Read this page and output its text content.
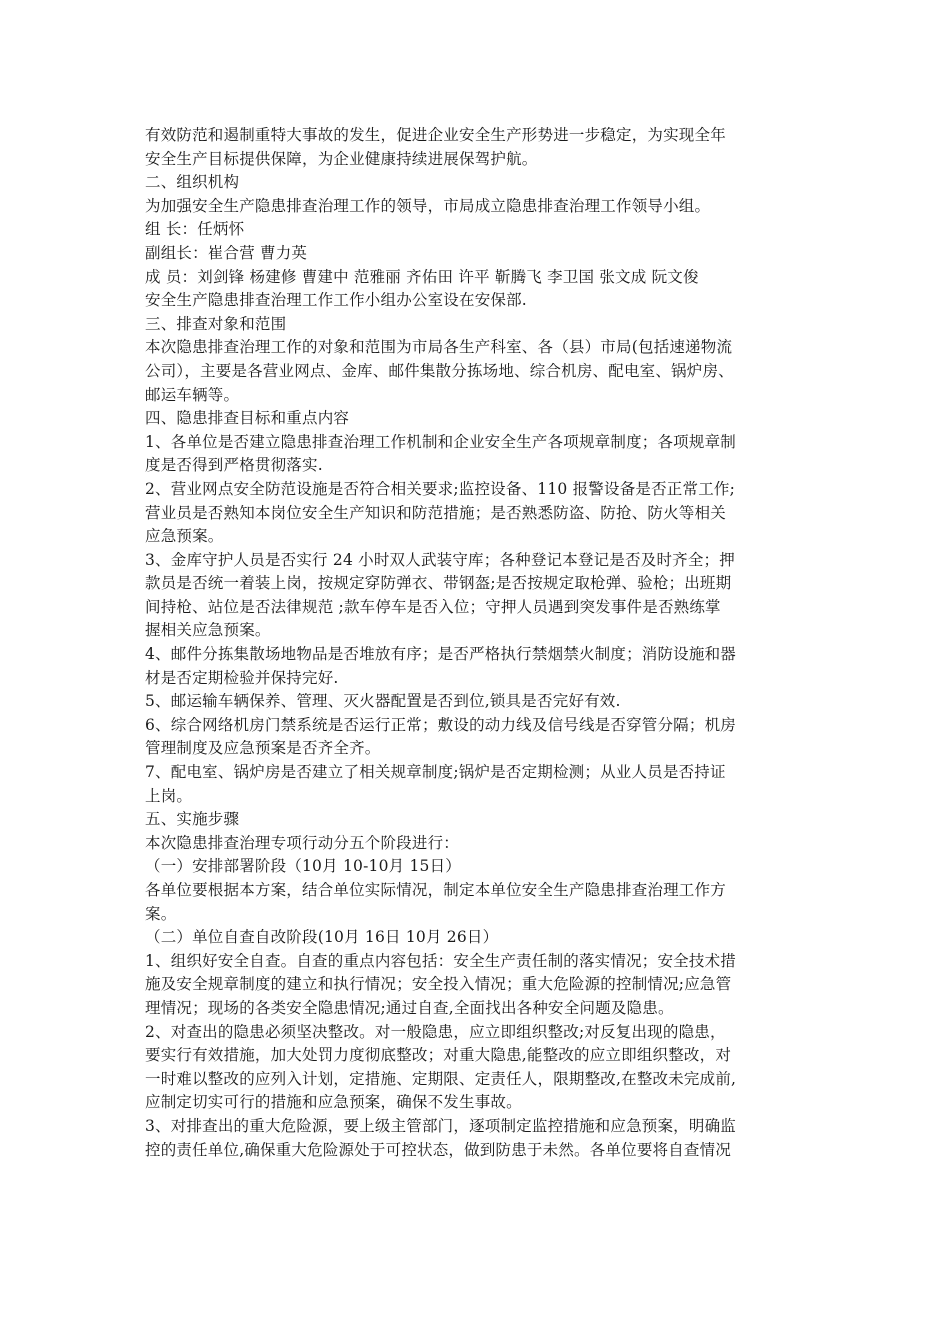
有效防范和遏制重特大事故的发生，促进企业安全生产形势进一步稳定，为实现全年
安全生产目标提供保障，为企业健康持续进展保驾护航。
二、组织机构
为加强安全生产隐患排查治理工作的领导，市局成立隐患排查治理工作领导小组。
组 长：任炳怀
副组长：崔合营 曹力英
成 员：刘剑锋 杨建修 曹建中 范雅丽 齐佑田 许平 靳腾飞 李卫国 张文成 阮文俊
安全生产隐患排查治理工作工作小组办公室设在安保部.
三、排查对象和范围
本次隐患排查治理工作的对象和范围为市局各生产科室、各（县）市局(包括速递物流
公司），主要是各营业网点、金库、邮件集散分拣场地、综合机房、配电室、锅炉房、
邮运车辆等。
四、隐患排查目标和重点内容
1、各单位是否建立隐患排查治理工作机制和企业安全生产各项规章制度；各项规章制
度是否得到严格贯彻落实.
2、营业网点安全防范设施是否符合相关要求;监控设备、110 报警设备是否正常工作;
营业员是否熟知本岗位安全生产知识和防范措施；是否熟悉防盗、防抢、防火等相关
应急预案。
3、金库守护人员是否实行 24 小时双人武装守库；各种登记本登记是否及时齐全；押
款员是否统一着装上岗，按规定穿防弹衣、带钢盔;是否按规定取枪弹、验枪；出班期
间持枪、站位是否法律规范 ;款车停车是否入位；守押人员遇到突发事件是否熟练掌
握相关应急预案。
4、邮件分拣集散场地物品是否堆放有序；是否严格执行禁烟禁火制度；消防设施和器
材是否定期检验并保持完好.
5、邮运输车辆保养、管理、灭火器配置是否到位,锁具是否完好有效.
6、综合网络机房门禁系统是否运行正常；敷设的动力线及信号线是否穿管分隔；机房
管理制度及应急预案是否齐全齐。
7、配电室、锅炉房是否建立了相关规章制度;锅炉是否定期检测；从业人员是否持证
上岗。
五、实施步骤
本次隐患排查治理专项行动分五个阶段进行：
（一）安排部署阶段（10月 10-10月 15日）
各单位要根据本方案，结合单位实际情况，制定本单位安全生产隐患排查治理工作方
案。
（二）单位自查自改阶段(10月 16日 10月 26日）
1、组织好安全自查。自查的重点内容包括：安全生产责任制的落实情况；安全技术措
施及安全规章制度的建立和执行情况；安全投入情况；重大危险源的控制情况;应急管
理情况；现场的各类安全隐患情况;通过自查,全面找出各种安全问题及隐患。
2、对查出的隐患必须坚决整改。对一般隐患，应立即组织整改;对反复出现的隐患，
要实行有效措施，加大处罚力度彻底整改；对重大隐患,能整改的应立即组织整改，对
一时难以整改的应列入计划，定措施、定期限、定责任人，限期整改,在整改未完成前,
应制定切实可行的措施和应急预案，确保不发生事故。
3、对排查出的重大危险源，要上级主管部门，逐项制定监控措施和应急预案，明确监
控的责任单位,确保重大危险源处于可控状态，做到防患于未然。各单位要将自查情况
